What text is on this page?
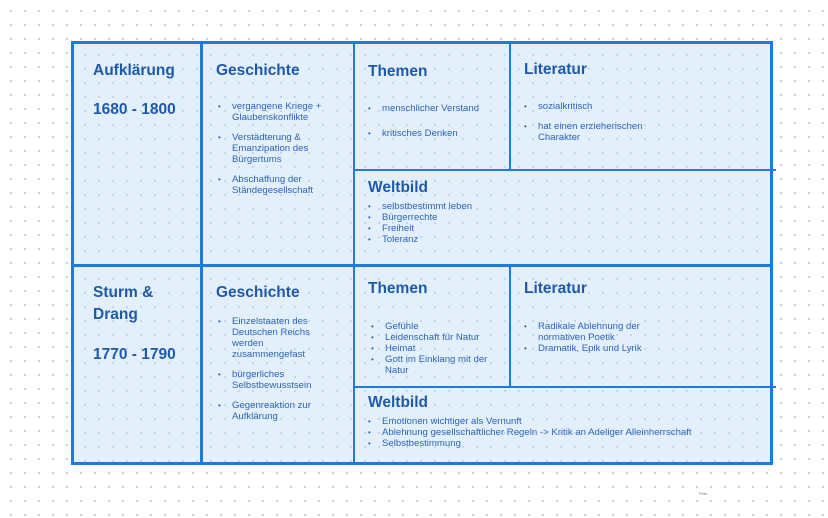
Aufklärung
1680 - 1800
Geschichte
• vergangene Kriege + Glaubenskonflikte
• Verstädterung & Emanzipation des Bürgertums
• Abschaffung der Ständegesellschaft
Themen
• menschlicher Verstand
• kritisches Denken
Literatur
• sozialkritisch
• hat einen erzieherischen Charakter
Weltbild
• selbstbestimmt leben
• Bürgerrechte
• Freiheit
• Toleranz
Sturm &
Drang
1770 - 1790
Geschichte
• Einzelstaaten des Deutschen Reichs werden zusammengefast
• bürgerliches Selbstbewusstsein
• Gegenreaktion zur Aufklärung
Themen
• Gefühle
• Leidenschaft für Natur
• Heimat
• Gott im Einklang mit der Natur
Literatur
• Radikale Ablehnung der normativen Poetik
• Dramatik, Epik und Lyrik
Weltbild
• Emotionen wichtiger als Vernunft
• Ablehnung gesellschaftlicher Regeln -> Kritik an Adeliger Alleinherrschaft
• Selbstbestimmung
Felix
